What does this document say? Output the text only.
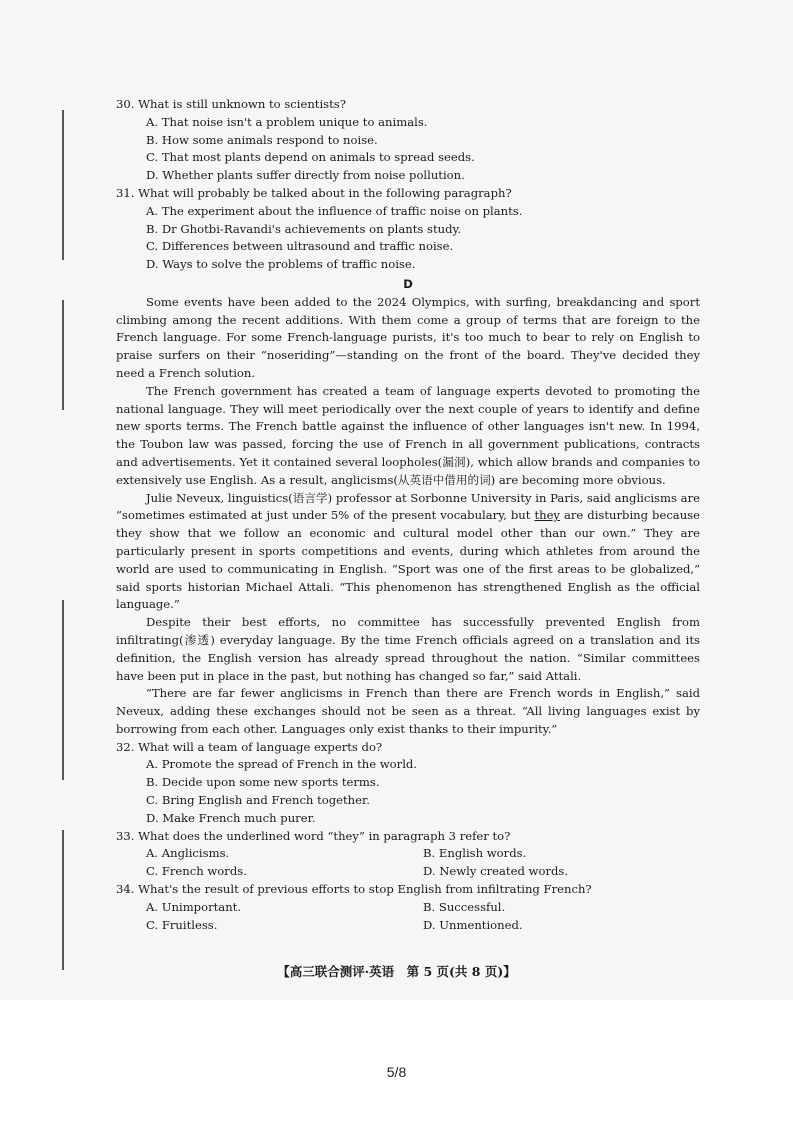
30. What is still unknown to scientists?

A. That noise isn't a problem unique to animals.

B. How some animals respond to noise.

C. That most plants depend on animals to spread seeds.

D. Whether plants suffer directly from noise pollution.

31. What will probably be talked about in the following paragraph?

A. The experiment about the influence of traffic noise on plants.

B. Dr Ghotbi-Ravandi's achievements on plants study.

C. Differences between ultrasound and traffic noise.

D. Ways to solve the problems of traffic noise.

D

Some events have been added to the 2024 Olympics, with surfing, breakdancing and sport climbing among the recent additions. With them come a group of terms that are foreign to the French language. For some French-language purists, it's too much to bear to rely on English to praise surfers on their “noseriding”—standing on the front of the board. They've decided they need a French solution.

The French government has created a team of language experts devoted to promoting the national language. They will meet periodically over the next couple of years to identify and define new sports terms. The French battle against the influence of other languages isn't new. In 1994, the Toubon law was passed, forcing the use of French in all government publications, contracts and advertisements. Yet it contained several loopholes(漏洞), which allow brands and companies to extensively use English. As a result, anglicisms(从英语中借用的词) are becoming more obvious.

Julie Neveux, linguistics(语言学) professor at Sorbonne University in Paris, said anglicisms are “sometimes estimated at just under 5% of the present vocabulary, but they are disturbing because they show that we follow an economic and cultural model other than our own.” They are particularly present in sports competitions and events, during which athletes from around the world are used to communicating in English. “Sport was one of the first areas to be globalized,” said sports historian Michael Attali. “This phenomenon has strengthened English as the official language.”

Despite their best efforts, no committee has successfully prevented English from infiltrating(渗透) everyday language. By the time French officials agreed on a translation and its definition, the English version has already spread throughout the nation. “Similar committees have been put in place in the past, but nothing has changed so far,” said Attali.

“There are far fewer anglicisms in French than there are French words in English,” said Neveux, adding these exchanges should not be seen as a threat. “All living languages exist by borrowing from each other. Languages only exist thanks to their impurity.”

32. What will a team of language experts do?

A. Promote the spread of French in the world.

B. Decide upon some new sports terms.

C. Bring English and French together.

D. Make French much purer.

33. What does the underlined word “they” in paragraph 3 refer to?

A. Anglicisms.	B. English words.
C. French words.	D. Newly created words.

34. What's the result of previous efforts to stop English from infiltrating French?

A. Unimportant.	B. Successful.
C. Fruitless.	D. Unmentioned.
【高三联合测评·英语　第 5 页(共 8 页)】
5/8
